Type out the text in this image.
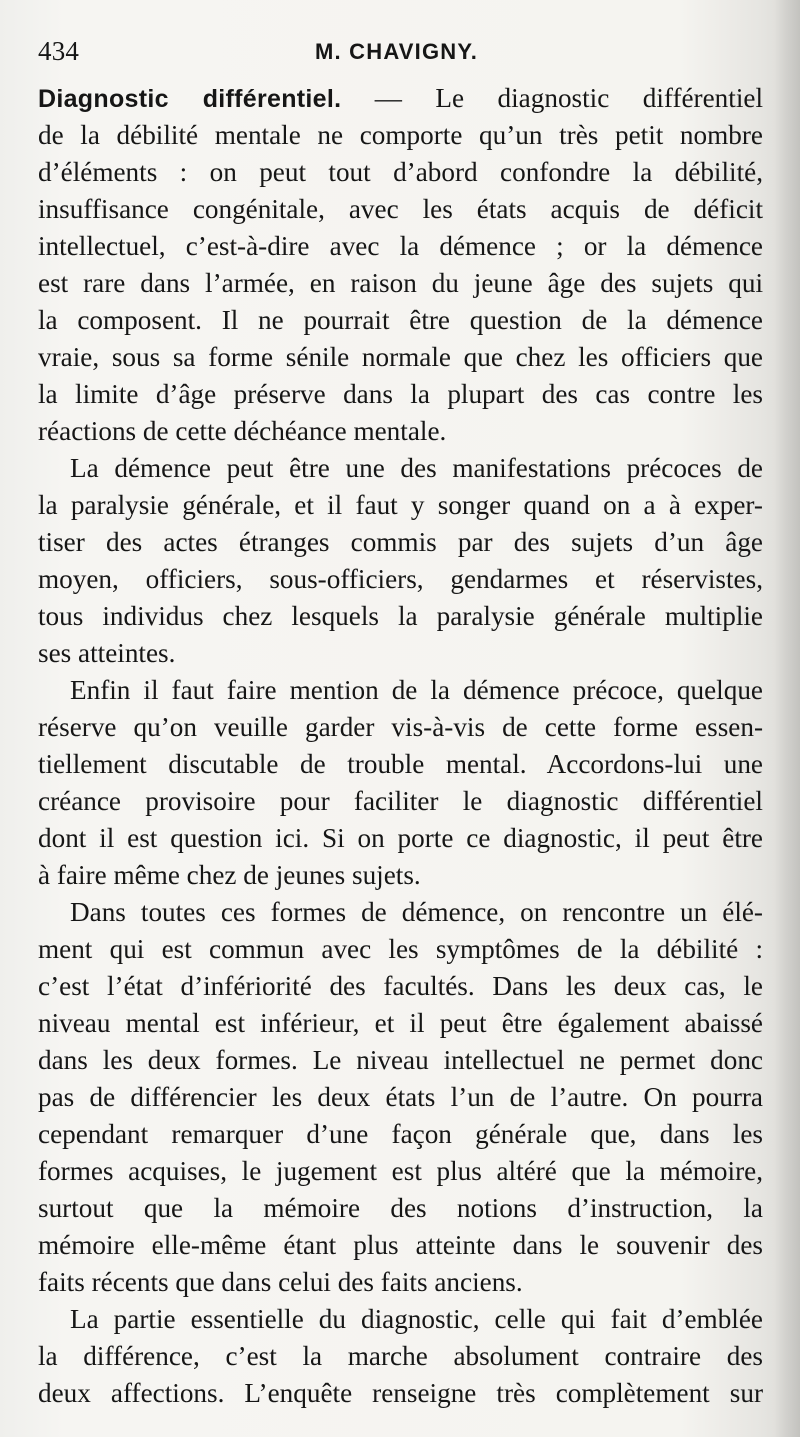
434	M. CHAVIGNY.
Diagnostic différentiel. — Le diagnostic différentiel
de la débilité mentale ne comporte qu’un très petit nombre
d’éléments : on peut tout d’abord confondre la débilité,
insuffisance congénitale, avec les états acquis de déficit
intellectuel, c’est-à-dire avec la démence ; or la démence
est rare dans l’armée, en raison du jeune âge des sujets qui
la composent. Il ne pourrait être question de la démence
vraie, sous sa forme sénile normale que chez les officiers que
la limite d’âge préserve dans la plupart des cas contre les
réactions de cette déchéance mentale.
La démence peut être une des manifestations précoces de
la paralysie générale, et il faut y songer quand on a à exper-
tiser des actes étranges commis par des sujets d’un âge
moyen, officiers, sous-officiers, gendarmes et réservistes,
tous individus chez lesquels la paralysie générale multiplie
ses atteintes.
Enfin il faut faire mention de la démence précoce, quelque
réserve qu’on veuille garder vis-à-vis de cette forme essen-
tiellement discutable de trouble mental. Accordons-lui une
créance provisoire pour faciliter le diagnostic différentiel
dont il est question ici. Si on porte ce diagnostic, il peut être
à faire même chez de jeunes sujets.
Dans toutes ces formes de démence, on rencontre un élé-
ment qui est commun avec les symptômes de la débilité :
c’est l’état d’infériorité des facultés. Dans les deux cas, le
niveau mental est inférieur, et il peut être également abaissé
dans les deux formes. Le niveau intellectuel ne permet donc
pas de différencier les deux états l’un de l’autre. On pourra
cependant remarquer d’une façon générale que, dans les
formes acquises, le jugement est plus altéré que la mémoire,
surtout que la mémoire des notions d’instruction, la
mémoire elle-même étant plus atteinte dans le souvenir des
faits récents que dans celui des faits anciens.
La partie essentielle du diagnostic, celle qui fait d’emblée
la différence, c’est la marche absolument contraire des
deux affections. L’enquête renseigne très complètement sur
